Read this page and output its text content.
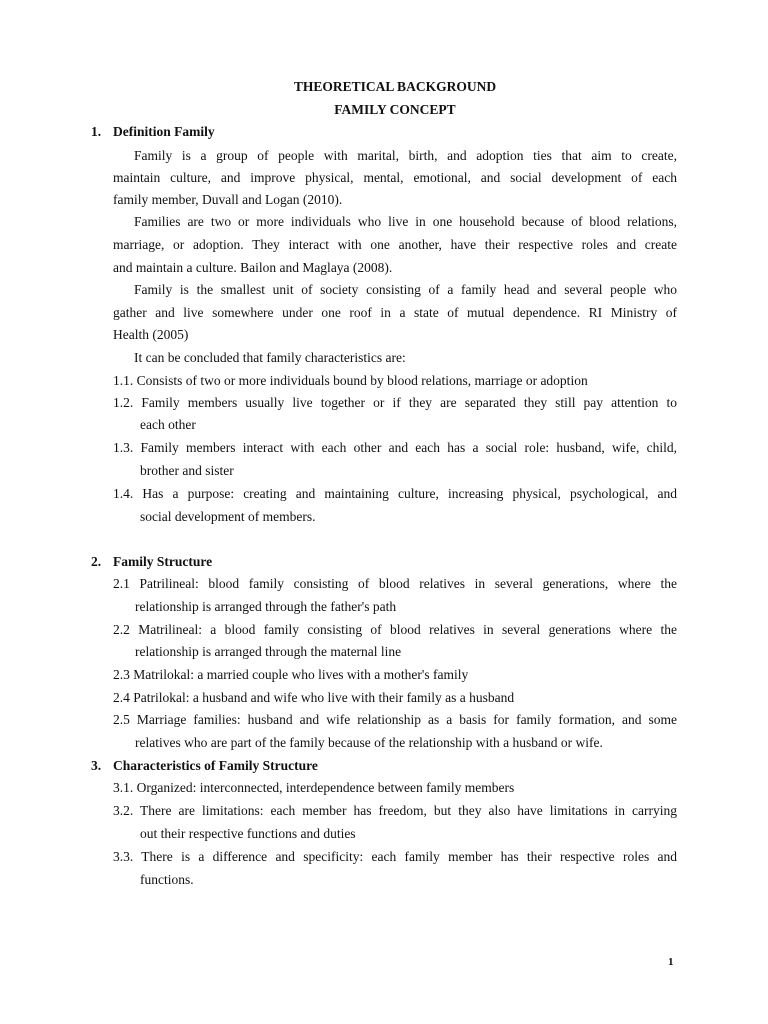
THEORETICAL BACKGROUND
FAMILY CONCEPT
1. Definition Family
Family is a group of people with marital, birth, and adoption ties that aim to create,
maintain culture, and improve physical, mental, emotional, and social development of each
family member, Duvall and Logan (2010).
Families are two or more individuals who live in one household because of blood relations,
marriage, or adoption. They interact with one another, have their respective roles and create
and maintain a culture. Bailon and Maglaya (2008).
Family is the smallest unit of society consisting of a family head and several people who
gather and live somewhere under one roof in a state of mutual dependence. RI Ministry of
Health (2005)
It can be concluded that family characteristics are:
1.1. Consists of two or more individuals bound by blood relations, marriage or adoption
1.2. Family members usually live together or if they are separated they still pay attention to
each other
1.3. Family members interact with each other and each has a social role: husband, wife, child,
brother and sister
1.4. Has a purpose: creating and maintaining culture, increasing physical, psychological, and
social development of members.
2. Family Structure
2.1 Patrilineal: blood family consisting of blood relatives in several generations, where the
relationship is arranged through the father's path
2.2 Matrilineal: a blood family consisting of blood relatives in several generations where the
relationship is arranged through the maternal line
2.3 Matrilokal: a married couple who lives with a mother's family
2.4 Patrilokal: a husband and wife who live with their family as a husband
2.5 Marriage families: husband and wife relationship as a basis for family formation, and some
relatives who are part of the family because of the relationship with a husband or wife.
3. Characteristics of Family Structure
3.1. Organized: interconnected, interdependence between family members
3.2. There are limitations: each member has freedom, but they also have limitations in carrying
out their respective functions and duties
3.3. There is a difference and specificity: each family member has their respective roles and
functions.
1
